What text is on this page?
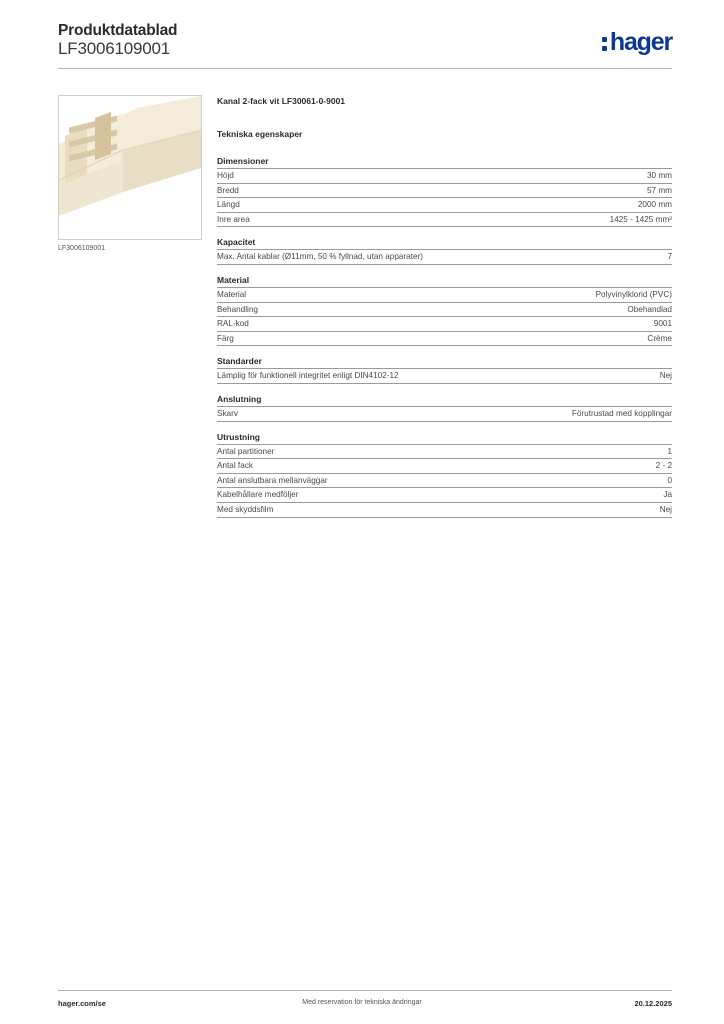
Produktdatablad
LF3006109001	hager
LF3006109001
Kanal 2-fack vit LF30061-0-9001
Tekniska egenskaper
Dimensioner
Höjd	30 mm
Bredd	57 mm
Längd	2000 mm
Inre area	1425 - 1425 mm²
Kapacitet
Max. Antal kablar (Ø11mm, 50 % fyllnad, utan apparater)	7
Material
Material	Polyvinylklorid (PVC)
Behandling	Obehandlad
RAL-kod	9001
Färg	Crème
Standarder
Lämplig för funktionell integritet enligt DIN4102-12	Nej
Anslutning
Skarv	Förutrustad med kopplingar
Utrustning
Antal partitioner	1
Antal fack	2 - 2
Antal anslutbara mellanväggar	0
Kabelhållare medföljer	Ja
Med skyddsfilm	Nej
hager.com/se	Med reservation för tekniska ändringar	20.12.2025
